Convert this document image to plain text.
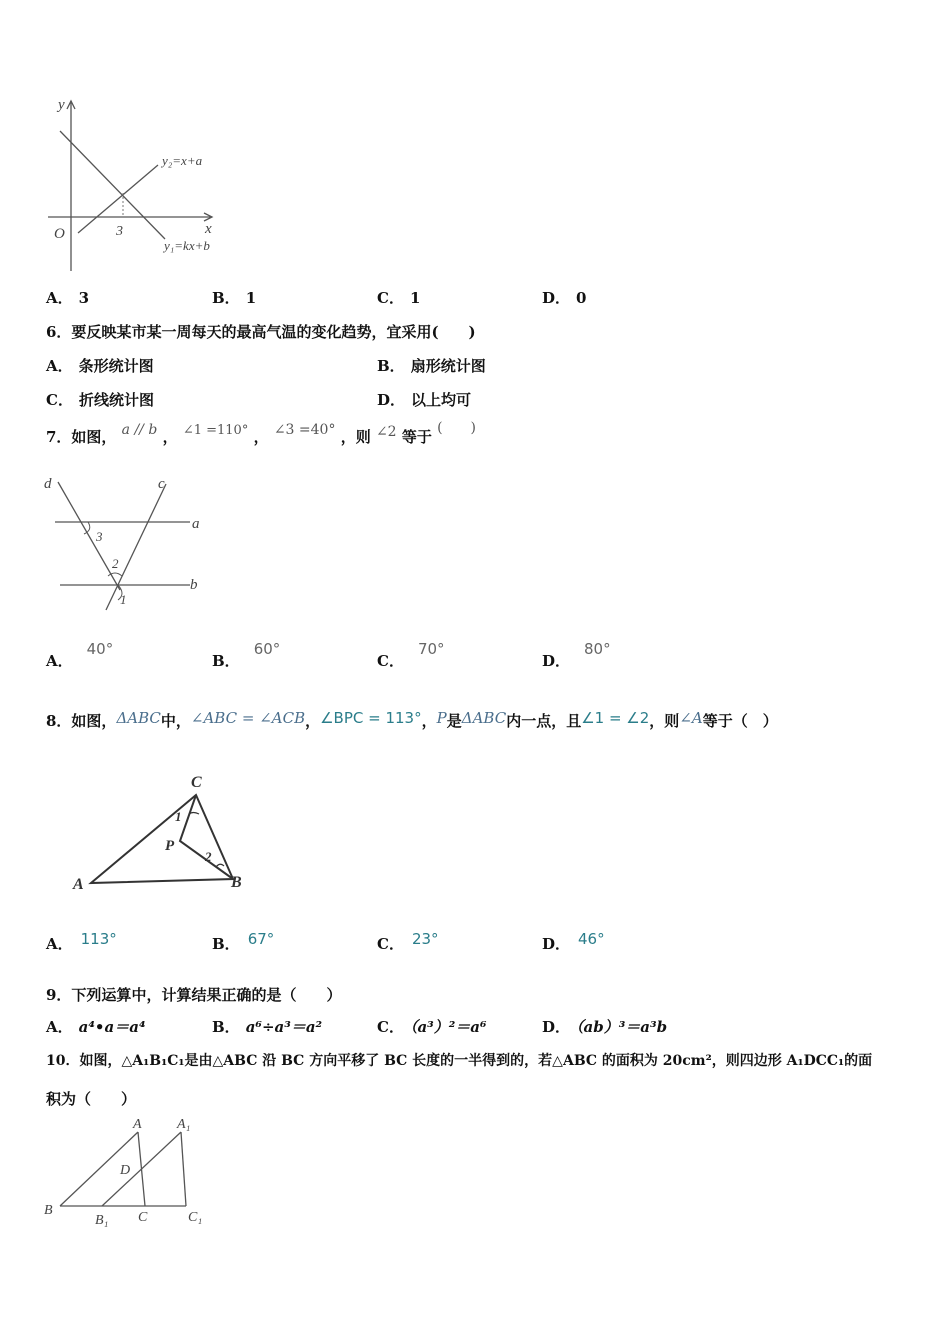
y
x
O	3
y₂=x+a
y₁=kx+b
A． 3	B． 1	C． 1	D． 0
6．要反映某市某一周每天的最高气温的变化趋势，宜采用(　　)
A． 条形统计图	B． 扇形统计图
C． 折线统计图	D． 以上均可
7．如图， a // b ， ∠1 =110° ， ∠3 =40° ，则 ∠2 等于 (　　)
d	c
a
b
3
2
1
A．40°
B．60°
C．70°
D．80°
8．如图，ΔABC中，∠ABC = ∠ACB，∠BPC = 113°，P是ΔABC内一点，且∠1 = ∠2，则∠A等于（　）
C
A	B
P
1
2
A． 113°	B． 67°	C． 23°	D． 46°
9．下列运算中，计算结果正确的是（　　）
A． a⁴•a＝a⁴	B． a⁶÷a³＝a²	C． （a³）²＝a⁶	D． （ab）³＝a³b
10．如图，△A₁B₁C₁是由△ABC 沿 BC 方向平移了 BC 长度的一半得到的，若△ABC 的面积为 20cm²，则四边形 A₁DCC₁的面
积为（　　）
A	A₁
D
B
B₁ C	C₁
